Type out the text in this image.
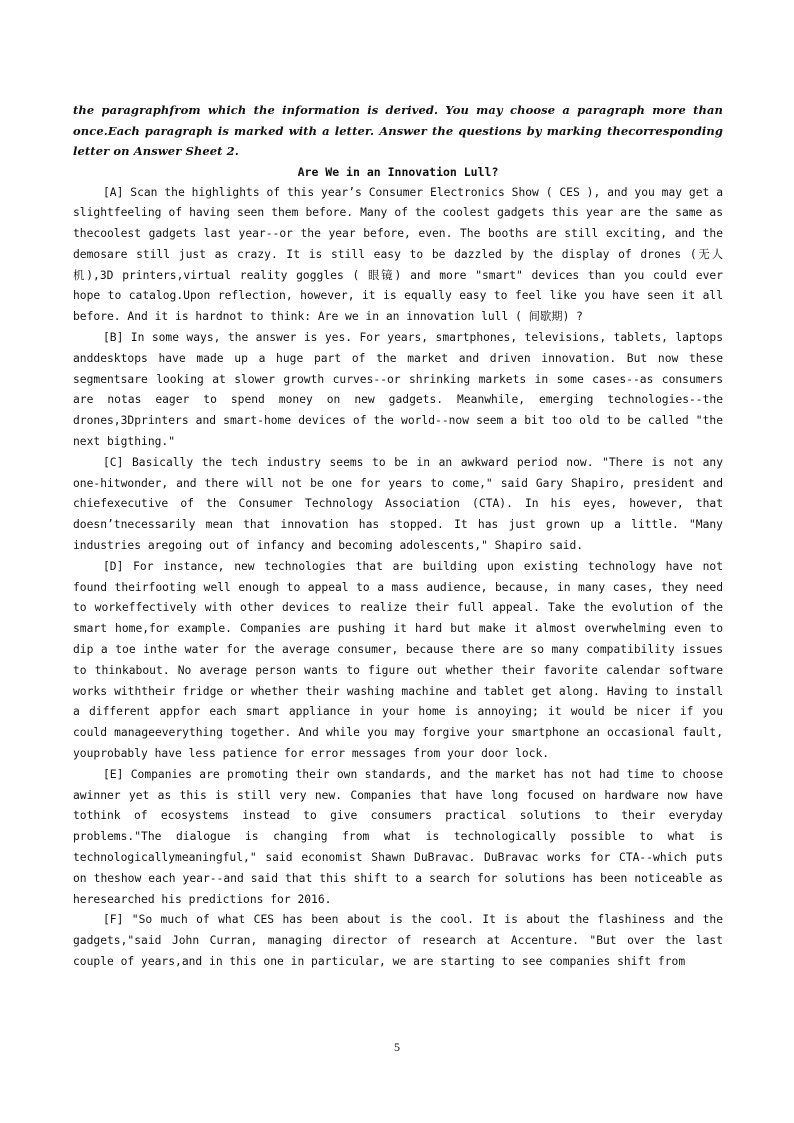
the paragraphfrom which the information is derived. You may choose a paragraph more than once.Each paragraph is marked with a letter. Answer the questions by marking thecorresponding letter on Answer Sheet 2.

Are We in an Innovation Lull?

[A] Scan the highlights of this year’s Consumer Electronics Show ( CES ), and you may get a slightfeeling of having seen them before. Many of the coolest gadgets this year are the same as thecoolest gadgets last year--or the year before, even. The booths are still exciting, and the demosare still just as crazy. It is still easy to be dazzled by the display of drones (无人机),3D printers,virtual reality goggles ( 眼镜) and more "smart" devices than you could ever hope to catalog.Upon reflection, however, it is equally easy to feel like you have seen it all before. And it is hardnot to think: Are we in an innovation lull ( 间歇期) ?

[B] In some ways, the answer is yes. For years, smartphones, televisions, tablets, laptops anddesktops have made up a huge part of the market and driven innovation. But now these segmentsare looking at slower growth curves--or shrinking markets in some cases--as consumers are notas eager to spend money on new gadgets. Meanwhile, emerging technologies--the drones,3Dprinters and smart-home devices of the world--now seem a bit too old to be called "the next bigthing."

[C] Basically the tech industry seems to be in an awkward period now. "There is not any one-hitwonder, and there will not be one for years to come," said Gary Shapiro, president and chiefexecutive of the Consumer Technology Association (CTA). In his eyes, however, that doesn’tnecessarily mean that innovation has stopped. It has just grown up a little. "Many industries aregoing out of infancy and becoming adolescents," Shapiro said.

[D] For instance, new technologies that are building upon existing technology have not found theirfooting well enough to appeal to a mass audience, because, in many cases, they need to workeffectively with other devices to realize their full appeal. Take the evolution of the smart home,for example. Companies are pushing it hard but make it almost overwhelming even to dip a toe inthe water for the average consumer, because there are so many compatibility issues to thinkabout. No average person wants to figure out whether their favorite calendar software works withtheir fridge or whether their washing machine and tablet get along. Having to install a different appfor each smart appliance in your home is annoying; it would be nicer if you could manageeverything together. And while you may forgive your smartphone an occasional fault, youprobably have less patience for error messages from your door lock.

[E] Companies are promoting their own standards, and the market has not had time to choose awinner yet as this is still very new. Companies that have long focused on hardware now have tothink of ecosystems instead to give consumers practical solutions to their everyday problems."The dialogue is changing from what is technologically possible to what is technologicallymeaningful," said economist Shawn DuBravac. DuBravac works for CTA--which puts on theshow each year--and said that this shift to a search for solutions has been noticeable as heresearched his predictions for 2016.

[F] "So much of what CES has been about is the cool. It is about the flashiness and the gadgets,"said John Curran, managing director of research at Accenture. "But over the last couple of years,and in this one in particular, we are starting to see companies shift from

5
